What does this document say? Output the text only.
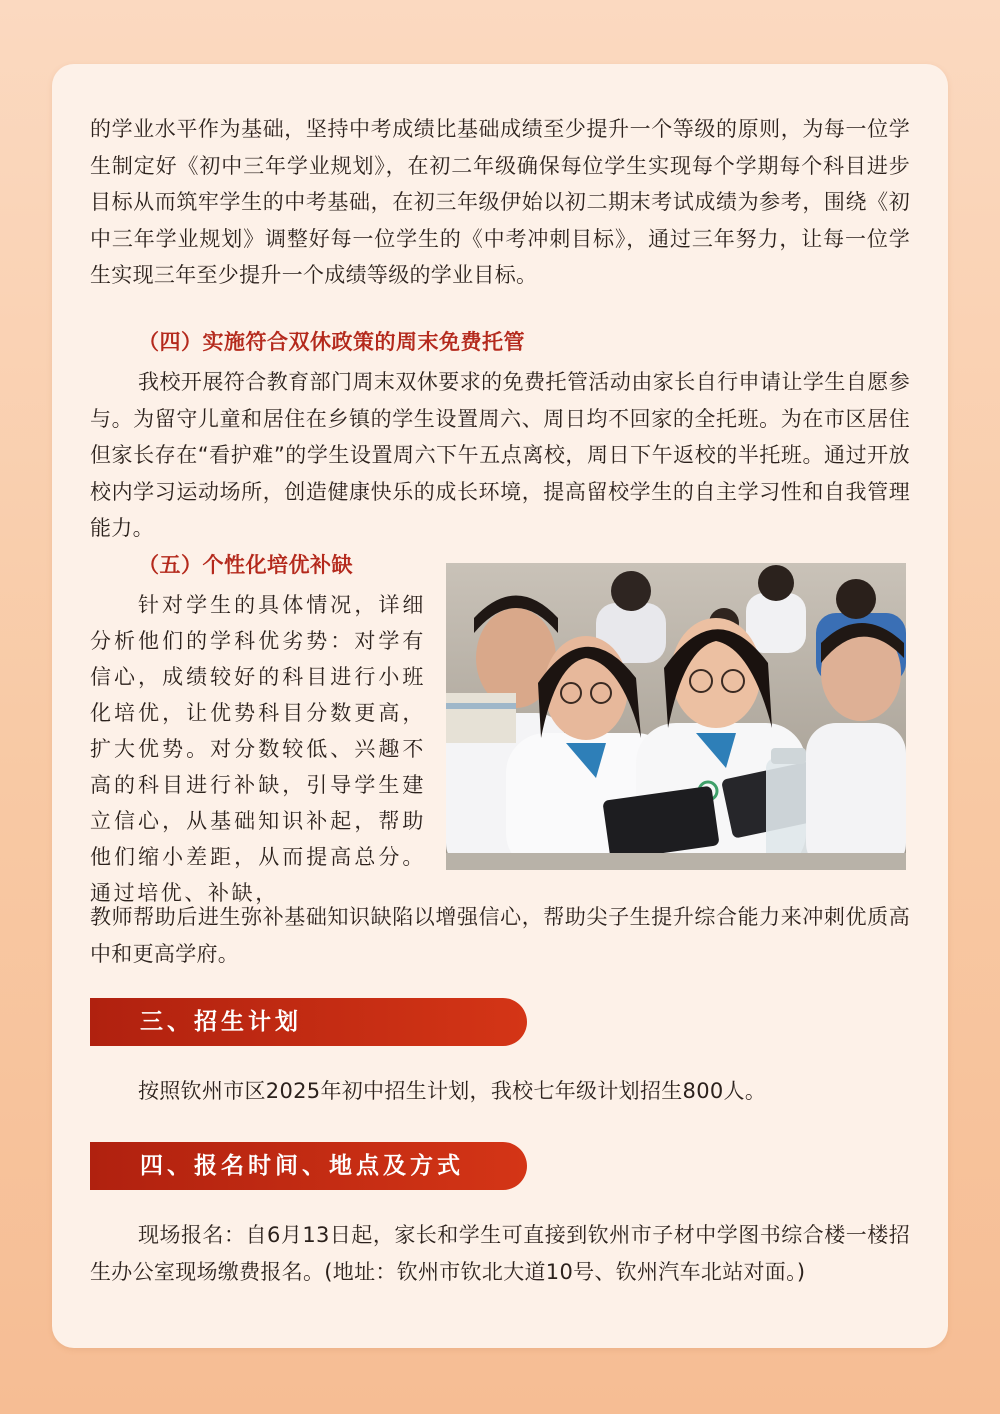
的学业水平作为基础，坚持中考成绩比基础成绩至少提升一个等级的原则，为每一位学生制定好《初中三年学业规划》，在初二年级确保每位学生实现每个学期每个科目进步目标从而筑牢学生的中考基础，在初三年级伊始以初二期末考试成绩为参考，围绕《初中三年学业规划》调整好每一位学生的《中考冲刺目标》，通过三年努力，让每一位学生实现三年至少提升一个成绩等级的学业目标。

（四）实施符合双休政策的周末免费托管

我校开展符合教育部门周末双休要求的免费托管活动由家长自行申请让学生自愿参与。为留守儿童和居住在乡镇的学生设置周六、周日均不回家的全托班。为在市区居住但家长存在“看护难”的学生设置周六下午五点离校，周日下午返校的半托班。通过开放校内学习运动场所，创造健康快乐的成长环境，提高留校学生的自主学习性和自我管理能力。

（五）个性化培优补缺

针对学生的具体情况，详细分析他们的学科优劣势：对学有信心，成绩较好的科目进行小班化培优，让优势科目分数更高，扩大优势。对分数较低、兴趣不高的科目进行补缺，引导学生建立信心，从基础知识补起，帮助他们缩小差距，从而提高总分。通过培优、补缺，

教师帮助后进生弥补基础知识缺陷以增强信心，帮助尖子生提升综合能力来冲刺优质高中和更高学府。

三、招生计划

按照钦州市区2025年初中招生计划，我校七年级计划招生800人。

四、报名时间、地点及方式

现场报名：自6月13日起，家长和学生可直接到钦州市子材中学图书综合楼一楼招生办公室现场缴费报名。(地址：钦州市钦北大道10号、钦州汽车北站对面。)
